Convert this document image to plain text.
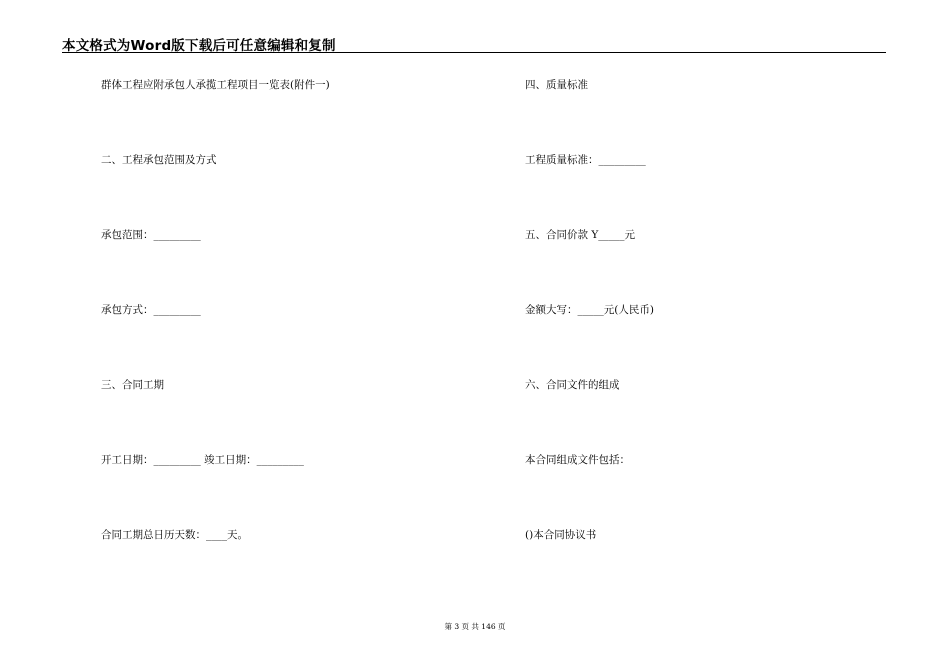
本文格式为Word版下载后可任意编辑和复制
群体工程应附承包人承揽工程项目一览表(附件一)
二、工程承包范围及方式
承包范围：_________
承包方式：_________
三、合同工期
开工日期：_________ 竣工日期：_________
合同工期总日历天数：____天。
四、质量标准
工程质量标准：_________
五、合同价款 Y_____元
金额大写：_____元(人民币)
六、合同文件的组成
本合同组成文件包括：
()本合同协议书
第 3 页 共 146 页
